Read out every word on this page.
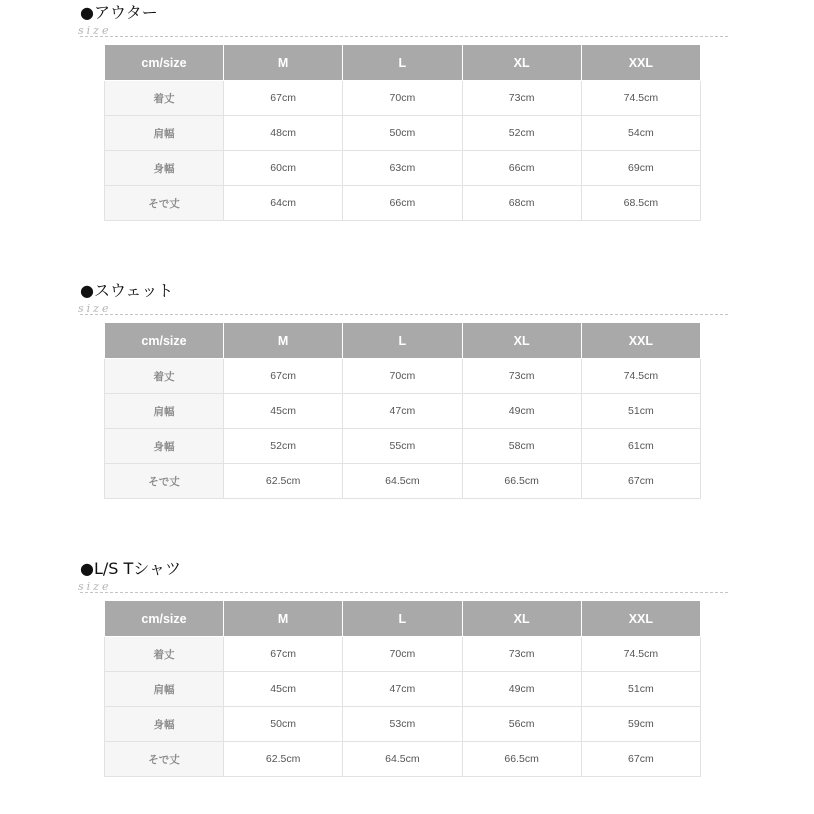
●アウター
size
cm/size	M	L	XL	XXL
着丈	67cm	70cm	73cm	74.5cm
肩幅	48cm	50cm	52cm	54cm
身幅	60cm	63cm	66cm	69cm
そで丈	64cm	66cm	68cm	68.5cm
●スウェット
size
cm/size	M	L	XL	XXL
着丈	67cm	70cm	73cm	74.5cm
肩幅	45cm	47cm	49cm	51cm
身幅	52cm	55cm	58cm	61cm
そで丈	62.5cm	64.5cm	66.5cm	67cm
●L/S Tシャツ
size
cm/size	M	L	XL	XXL
着丈	67cm	70cm	73cm	74.5cm
肩幅	45cm	47cm	49cm	51cm
身幅	50cm	53cm	56cm	59cm
そで丈	62.5cm	64.5cm	66.5cm	67cm
